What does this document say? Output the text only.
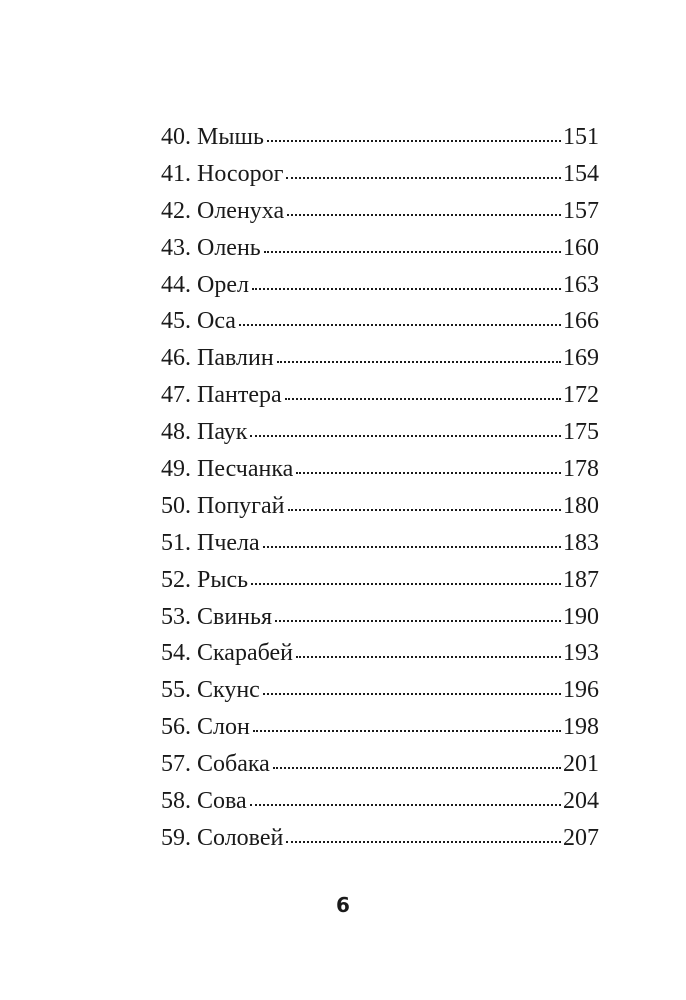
40. Мышь	151
41. Носорог	154
42. Оленуха	157
43. Олень	160
44. Орел	163
45. Оса	166
46. Павлин	169
47. Пантера	172
48. Паук	175
49. Песчанка	178
50. Попугай	180
51. Пчела	183
52. Рысь	187
53. Свинья	190
54. Скарабей	193
55. Скунс	196
56. Слон	198
57. Собака	201
58. Сова	204
59. Соловей	207
6
